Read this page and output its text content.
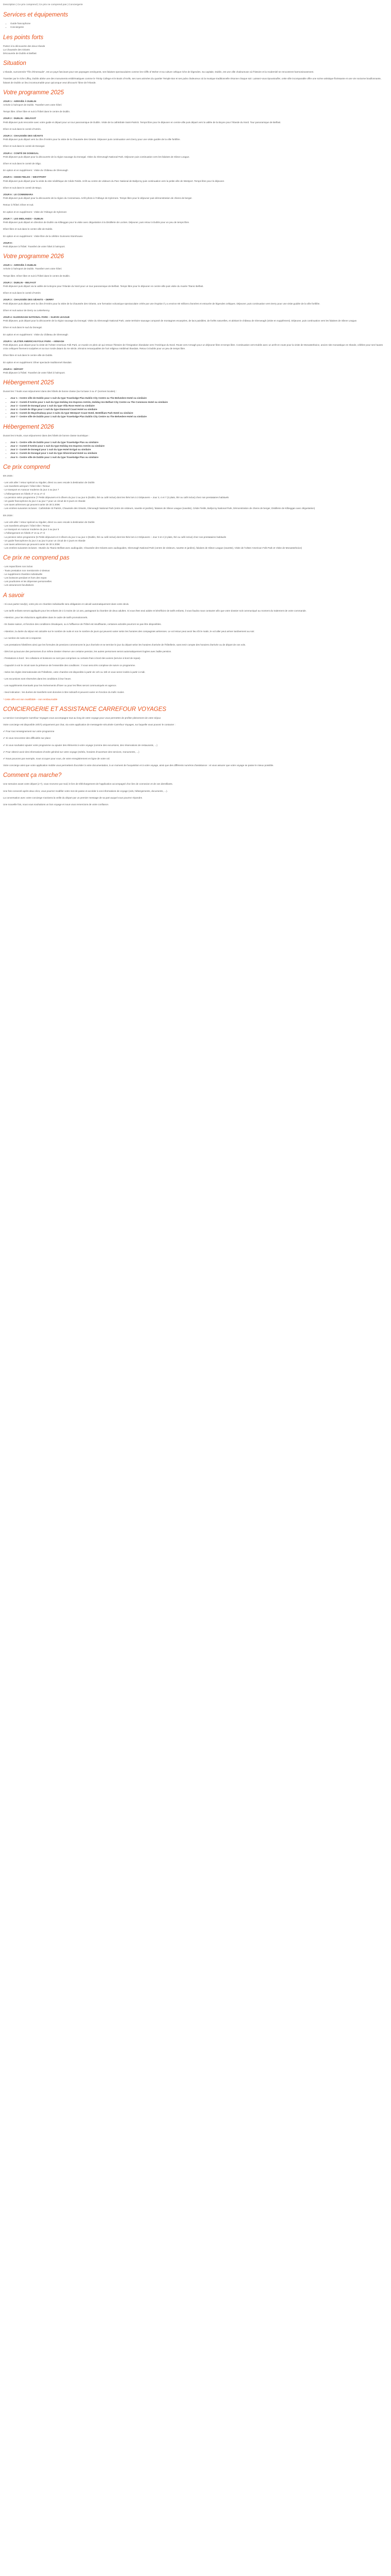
Description | Ce prix comprend | Ce prix ne comprend pas | Conciergerie
Services et équipements
• Guide francophone
• Conciergerie
Les points forts

Partez à la découverte des deux Irlande
La Chaussée des Géants
Découverte de Dublin et Belfast

Situation

L'Irlande, surnommée "l'île d'émeraude", est un pays fascinant pour ses paysages verdoyants, ses falaises spectaculaires comme les Cliffs of Moher et sa culture celtique riche de légendes. Sa capitale, Dublin, est une ville chaleureuse où l'histoire et la modernité se rencontrent harmonieusement.

Transiter par le riche Liffey, Dublin abrite une des monuments emblématiques comme le Trinity College et le Book of Kells, ses rues animées du quartier Temple Bar et ses pubs chaleureux où la musique traditionnelle résonne chaque soir. Laissez-vous époustoufler, cette ville incomparable offre une scène artistique florissante et une vie nocturne bouillonnante, faisant de Dublin un lieu incontournable pour quiconque veut découvrir l'âme de l'Irlande.

Votre programme 2025
JOUR 1 : ARRIVÉE À DUBLIN

Arrivée à l'aéroport de Dublin. Transfert vers votre hôtel.

Temps libre. Dîner libre et nuit à l'hôtel dans le centre de Dublin.

JOUR 2 : DUBLIN – BELFAST

Petit déjeuner puis rencontre avec votre guide et départ pour un tour panoramique de Dublin. Visite de la cathédrale Saint-Patrick. Temps libre pour le déjeuner en centre-ville puis départ vers la vallée de la Boyne pour l'Irlande du Nord. Tour panoramique de Belfast.

Dîner et nuit dans le comté d'Antrim.

JOUR 3 : CHAUSSÉE DES GÉANTS

Petit déjeuner puis départ vers la côte d'Antrim pour la visite de la Chaussée des Géants. Déjeuner puis continuation vers Derry pour une visite guidée de la ville fortifiée.

Dîner et nuit dans le comté de Donegal.

JOUR 4 : COMTÉ DE DONEGAL

Petit déjeuner puis départ pour la découverte de la région sauvage du Donegal. Visite du Glenveagh National Park. Déjeuner puis continuation vers les falaises de Slieve League.

Dîner et nuit dans le comté de Sligo.

En option et en supplément : Visite du Château de Glenveagh

JOUR 5 : CEIDE FIELDS – WESTPORT

Petit déjeuner puis départ pour la visite du site néolithique de Céide Fields. Arrêt au centre de visiteurs du Parc National de Ballycroy puis continuation vers la petite ville de Westport. Temps libre pour le déjeuner.

Dîner et nuit dans le comté de Mayo.

JOUR 6 : LE CONNEMARA

Petit déjeuner puis départ pour la découverte de la région du Connemara. Arrêt photo à l'Abbaye de Kylemore. Temps libre pour le déjeuner puis démonstration de chiens de berger.

Retour à l'hôtel. Dîner et nuit.

En option et en supplément : Visite de l'Abbaye de Kylemore

JOUR 7 : LES MIDLANDS – DUBLIN

Petit déjeuner puis départ en direction de Dublin via Kilbeggan pour la visite avec dégustation à la Distillerie de Lockes. Déjeuner, puis retour à Dublin pour un peu de temps libre.

Dîner libre et nuit dans le centre-ville de Dublin.

En option et en supplément : Visite libre de la célèbre Guinness Storehouse.

JOUR 8 :

Petit déjeuner à l'hôtel. Transfert de votre hôtel à l'aéroport.

Votre programme 2026
JOUR 1 : ARRIVÉE À DUBLIN

Arrivée à l'aéroport de Dublin. Transfert vers votre hôtel.

Temps libre. Dîner libre et nuit à l'hôtel dans le centre de Dublin.

JOUR 2 : DUBLIN – BELFAST

Petit déjeuner puis départ via la vallée de la Boyne pour l'Irlande du Nord pour un tour panoramique de Belfast. Temps libre pour le déjeuner en centre-ville puis visite du musée Titanic Belfast.

Dîner et nuit dans le comté d'Antrim

JOUR 3 : CHAUSSÉE DES GÉANTS – DERRY

Petit déjeuner puis départ vers la côte d'Antrim pour la visite de la Chaussée des Géants, une formation volcanique spectaculaire créée par une éruption il y a environ 60 millions d'années et entourée de légendes celtiques. Déjeuner, puis continuation vers Derry pour une visite guidée de la ville fortifiée.

Dîner et nuit autour de Derry ou Letterkenny.

JOUR 4: GLENVEAGH NATIONAL PARK – SLIEVE LEAGUE

Petit déjeuner, puis départ pour la découverte de la région sauvage du Donegal. Visite du Glenveagh National Park, vaste territoire sauvage composé de montagnes escarpées, de lacs paisibles, de forêts naturelles, et abritant le château de Glenveagh (visite en supplément). Déjeuner, puis continuation vers les falaises de Slieve League.

Dîner et nuit dans le sud du Donegal.

En option et en supplément : Visite du Château de Glenveagh

JOUR 5 : ULSTER AMERICAN FOLK PARK – ARMAGH

Petit déjeuner, puis départ pour la visite de l'Ulster American Folk Park, un musée en plein air qui retrace l'histoire de l'émigration irlandaise vers l'Amérique du Nord. Route vers Armagh pour un déjeuner libre et temps libre. Continuation vers Dublin avec un arrêt en route pour la visite de Monasterboice, ancien site monastique en Irlande, célèbre pour ses hautes croix celtiques finement sculptées et sa tour ronde datant du Xe siècle, témoins remarquables de l'art religieux médiéval irlandais. Retour à Dublin pour un peu de temps libre.

Dîner libre et nuit dans le centre-ville de Dublin.

En option et en supplément: Dîner spectacle traditionnel irlandais

JOUR 6 : DÉPART

Petit déjeuner à l'hôtel. Transfert de votre hôtel à l'aéroport.

Hébergement 2025

Durant les 7 Nuits vous séjournerez dans des hôtels de bonne classe (sur la base 3 ou 4* (normes locales) :

• Jour 1 - Centre ville de Dublin pour 1 nuit du type Travelodge Plus Dublin City Centre ou The Belvedere Hotel ou similaire
• Jour 2 - Comté d'Antrim pour 1 nuit du type Holiday Inn Express Antrim, Holiday Inn Belfast City Centre ou The Commons Hotel ou similaire
• Jour 3 - Comté de Donegal pour 1 nuit du type Villa Rose Hotel ou similaire
• Jour 4 - Comté de Sligo pour 1 nuit du type Diamond Coast Hotel ou similaire
• Jour 5 - Comté de Mayo/Galway pour 2 nuits du type Westport Coast Hotel, McWilliam Park Hotel ou similaire
• Jour 7 - Centre ville de Dublin pour 1 nuit du type Travelodge Plus Dublin City Centre ou The Belvedere Hotel ou similaire
Hébergement 2026

Durant les 5 Nuits, vous séjournerez dans des hôtels de bonne classe touristique :

• Jour 1 - Centre ville de Dublin pour 1 nuit du type Travelodge Plus ou similaire
• Jour 2 - Comté d'Antrim pour 1 nuit du type Holiday Inn Express Antrim ou similaire
• Jour 3 - Comté de Donegal pour 1 nuit du type Hotel Errigal ou similaire
• Jour 4 - Comté de Donegal pour 1 nuit du type Silverstrand Hotel ou similaire
• Jour 5 - Centre ville de Dublin pour 1 nuit du type Travelodge Plus ou similaire
Ce prix comprend

EN 2025 :

- Les vols aller / retour spécial ou régulier, direct ou avec escale à destination de Dublin
- Les transferts aéroport / hôtel Aller / Retour
- Le transport en Autocar moderne du jour 2 au jour 7
- L'hébergement en hôtels 3* et ou 4* nl
- La pension selon programme (7 Petits déjeuners et 5 dîners du jour 2 au jour 6 (Dublin, thé ou café inclus) dont les thés lors à 3 Déjeuners – Jour 3, 4 et 7 (2 plats, thé ou café inclus) chez nos prestataires habituels
- Un guide francophone du jour 2 au jour 7 pour un circuit de 6 jours en Irlande
- Les taxes aériennes qui peuvent varier de 30 à 200€
- Les entrées suivantes incluses : Cathédrale St Patrick, Chaussée des Géants, Glenveagh National Park (entre de visiteurs, navette et jardins), falaises de Slieve League (navette), Céide Fields, Ballycroy National Park, Démonstration de chiens de berger, Distillerie de Kilbeggan avec dégustation)

EN 2026 :

- Les vols aller / retour spécial ou régulier, direct ou avec escale à destination de Dublin
- Les transferts aéroport / hôtel Aller / Retour
- Le transport en Autocar moderne du jour 2 au jour 5
- L'hébergement en hôtels 3* et ou 4* nl
- La pension selon programme (5 Petits déjeuners et 3 dîners du jour 2 au jour 4 (Dublin, thé ou café inclus) dont les thés lors à 3 Déjeuners – Jour 3 et 4 (2 plats, thé ou café inclus) chez nos prestataires habituels
- Un guide francophone du jour 2 au jour 5 pour un circuit de 4 jours en Irlande
- Les taxes aériennes qui peuvent varier de 30 à 200€
- Les entrées suivantes incluses : Musée du Titanic Belfast avec audioguide, Chaussée des Géants avec audioguides, Glenveagh National Park (centre de visiteurs, navette et jardins), falaises de Slieve League (navette), Visite de l'Ulster American Folk Park et Visite de Monasterboice)

Ce prix ne comprend pas

- Les repas libres non inclus
- Toute prestation non mentionnée ci-dessus
- Le supplément chambre individuelle
- Les boissons pendant et hors des repas
- Les pourboires et les dépenses personnelles
- Les assurances facultatives

A savoir

- Si vous partez seul(e), votre prix en chambre individuelle sera obligatoire et calculé automatiquement dans votre devis.

- Les tarifs enfants seront appliqués pour les enfants de 2 à moins de 12 ans, partageant la chambre de deux adultes. Si vous êtes seul adulte et bénéficiez de tarifs enfants, il vous faudra nous contacter afin que votre dossier soit communiqué au moment du traitement de votre commande.

- Attention, pour les réductions applicables dans le cadre de tarifs promotionnels.

- En basse saison, et fonction des conditions climatiques, ou à l'affluence de l'hôtel est insuffisante, certaines activités pourront ne pas être disponibles.

- Attention, la durée du séjour est calculée sur le nombre de nuits et non le nombre de jours qui peuvent varier selon les horaires des compagnies aériennes. Le vol retour peut avoir lieu tôt le matin, le vol aller peut arriver tardivement au soir.

- Le nombre de nuits est à respecter.

- Les prestations hôtelières ainsi que les formules de pensions commencent le jour d'arrivée et se termine le jour du départ selon les horaires d'arrivée de l'hôtellerie, sans tenir compte des horaires d'arrivée ou de départ de vos vols.

- Dès lors qu'aucune des personnes d'un même dossier réserve une certaine pension, les autres personnes seront automatiquement logées avec ladite pension.

- Prestations à bord : les collations et boissons ne sont pas comprises ou certains frais à bord des avions (service à bord de repas).

- Capacité à voir le circuit sans la présence de l'ensemble des conditions : il vous sera très complexe de suivre ce programme.

- Selon les règles internationales de l'hôtellerie, votre chambre est disponible à partir de 14h ou 15h et vous serez invités à partir à midi.

- Les excursions sont réservées dans les conditions à leur heure.

- Les suppléments éventuels pour les événements d'hiver ou pour les fêtes seront communiqués en agence.

- Seul indication : les durées de transferts sont données à titre indicatif et peuvent varier en fonction du trafic routier.

* Cette offre est non modifiable – non remboursable

CONCIERGERIE ET ASSISTANCE CARREFOUR VOYAGES

Le service Conciergerie Carrefour Voyages vous accompagne tout au long de votre voyage pour vous permettre de profiter pleinement de votre séjour.

Votre concierge est disponible 24h/7j uniquement par chat, via votre application de messagerie sécurisée Carrefour Voyages, sur laquelle vous pouvez le contacter :

✔ Pour tout renseignement sur votre programme

✔ Si vous rencontrez des difficultés sur place

✔ Si vous souhaitez ajouter votre programme ou ajouter des éléments à votre voyage (comme des excursions, des réservations de restaurants, ...)

✔ Pour obtenir avoir des informations d'ordre général sur votre voyage (météo, horaires d'ouverture des services, monuments, ...)

✔ Nous pouvons par exemple, nous occuper pour vous, de votre enregistrement en ligne de votre vol.

Votre concierge ainsi que votre application mobile vous permettent d'accéder à votre documentation, à un moment de l'acquisition et à votre voyage, ainsi que des différents numéros d'assistance : et vous assurer que votre voyage se passe le mieux possible.

Comment ça marche?

Une semaine avant votre départ (J-7), vous recevrez par mail, le lien de téléchargement de l'application accompagné d'un lien de connexion et de vos identifiants.

Une fois connecté après deux clics, vous pourrez modifier votre mot de passe et accéder à vos informations de voyage (vols, hébergements, documents, ...).

La conversation avec votre concierge s'activera la veille du départ par un premier message de sa part auquel vous pourrez répondre.

Une nouvelle fois, nous vous souhaitons un bon voyage et nous vous remercions de votre confiance.
